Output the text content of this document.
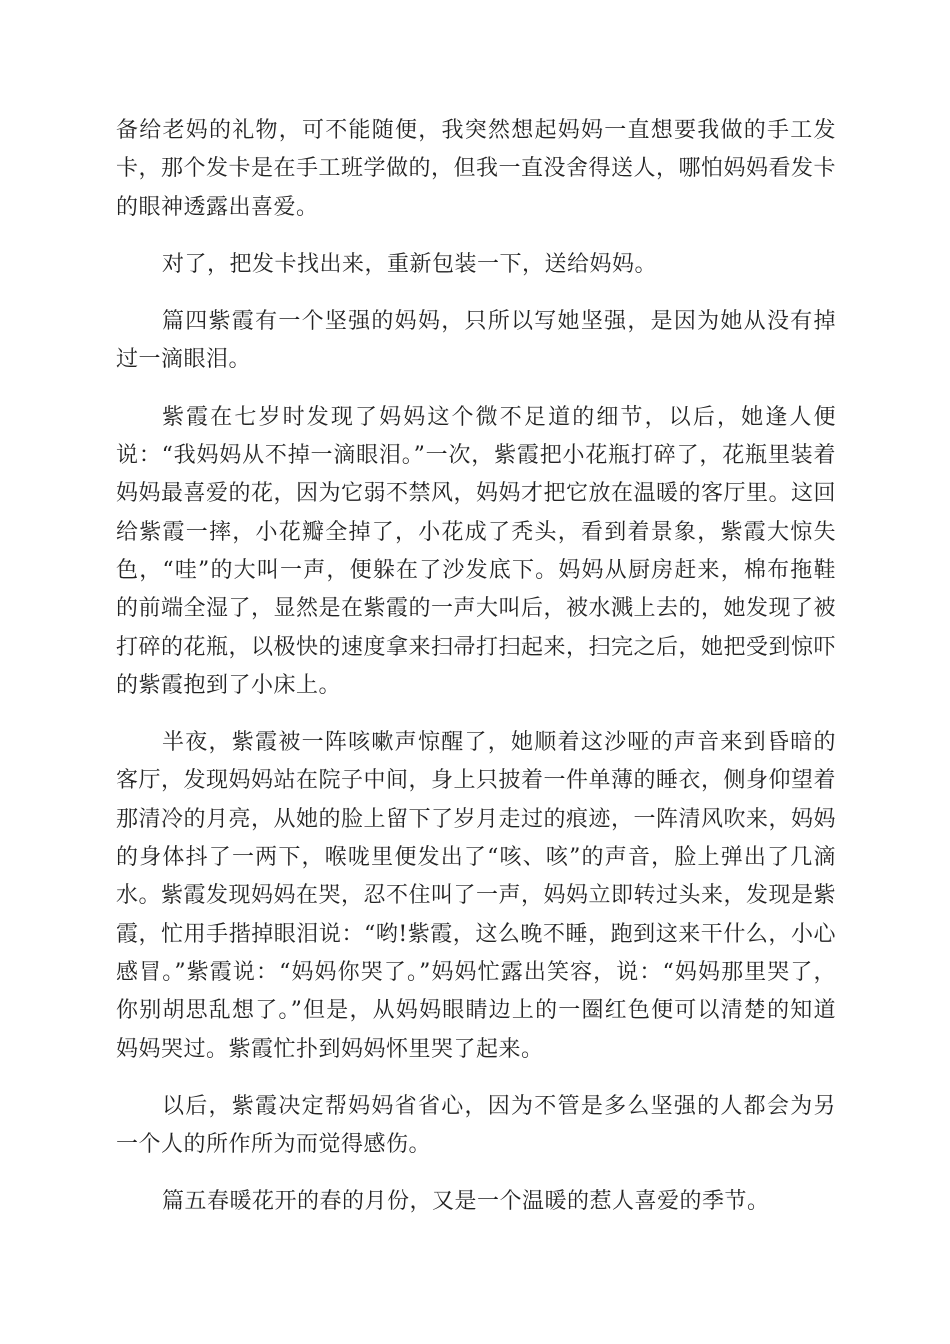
备给老妈的礼物，可不能随便，我突然想起妈妈一直想要我做的手工发卡，那个发卡是在手工班学做的，但我一直没舍得送人，哪怕妈妈看发卡的眼神透露出喜爱。

对了，把发卡找出来，重新包装一下，送给妈妈。

篇四紫霞有一个坚强的妈妈，只所以写她坚强，是因为她从没有掉过一滴眼泪。

紫霞在七岁时发现了妈妈这个微不足道的细节，以后，她逢人便说：“我妈妈从不掉一滴眼泪。”一次，紫霞把小花瓶打碎了，花瓶里装着妈妈最喜爱的花，因为它弱不禁风，妈妈才把它放在温暖的客厅里。这回给紫霞一摔，小花瓣全掉了，小花成了秃头，看到着景象，紫霞大惊失色，“哇”的大叫一声，便躲在了沙发底下。妈妈从厨房赶来，棉布拖鞋的前端全湿了，显然是在紫霞的一声大叫后，被水溅上去的，她发现了被打碎的花瓶，以极快的速度拿来扫帚打扫起来，扫完之后，她把受到惊吓的紫霞抱到了小床上。

半夜，紫霞被一阵咳嗽声惊醒了，她顺着这沙哑的声音来到昏暗的客厅，发现妈妈站在院子中间，身上只披着一件单薄的睡衣，侧身仰望着那清冷的月亮，从她的脸上留下了岁月走过的痕迹，一阵清风吹来，妈妈的身体抖了一两下，喉咙里便发出了“咳、咳”的声音，脸上弹出了几滴水。紫霞发现妈妈在哭，忍不住叫了一声，妈妈立即转过头来，发现是紫霞，忙用手揩掉眼泪说：“哟!紫霞，这么晚不睡，跑到这来干什么，小心感冒。”紫霞说：“妈妈你哭了。”妈妈忙露出笑容，说：“妈妈那里哭了，你别胡思乱想了。”但是，从妈妈眼睛边上的一圈红色便可以清楚的知道妈妈哭过。紫霞忙扑到妈妈怀里哭了起来。

以后，紫霞决定帮妈妈省省心，因为不管是多么坚强的人都会为另一个人的所作所为而觉得感伤。

篇五春暖花开的春的月份，又是一个温暖的惹人喜爱的季节。
